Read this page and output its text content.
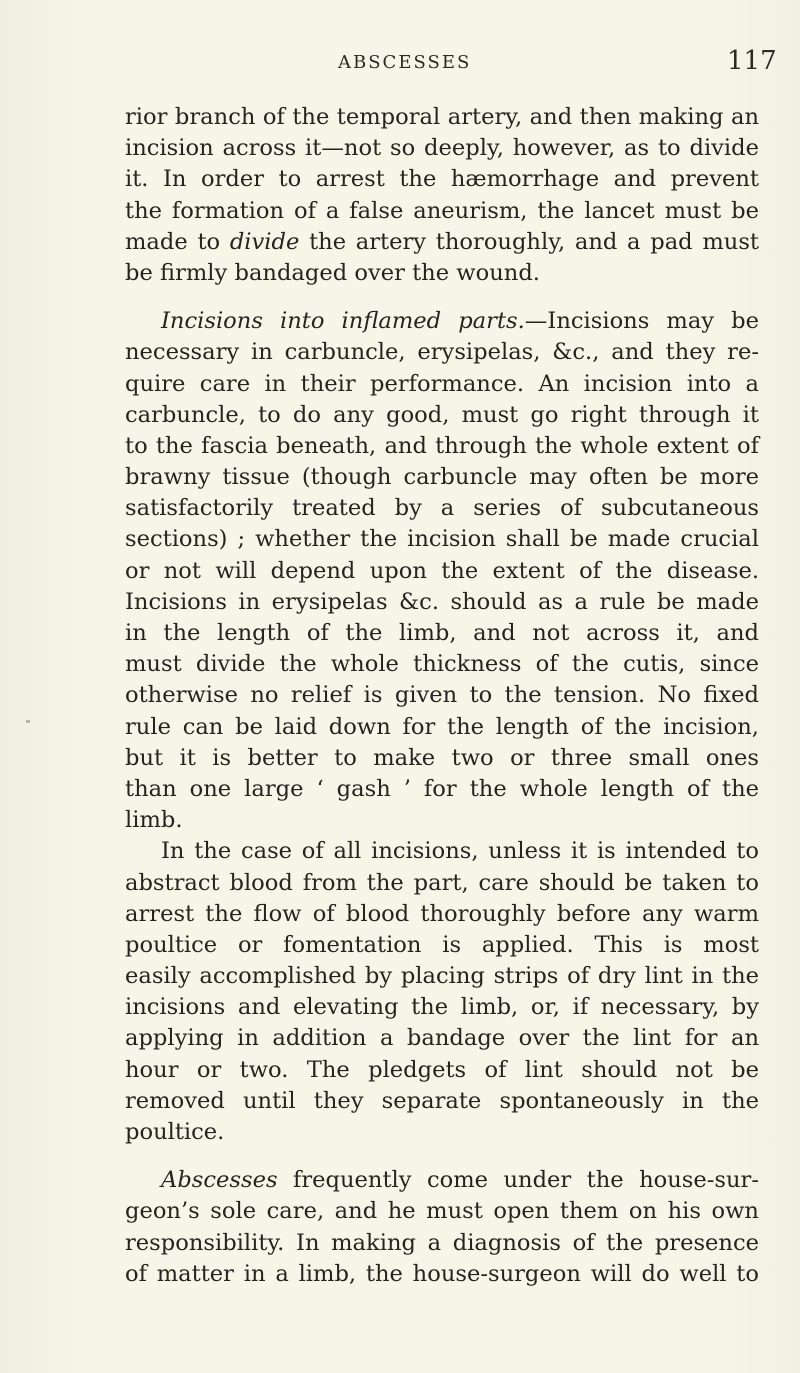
ABSCESSES	117
rior branch of the temporal artery, and then making an
incision across it—not so deeply, however, as to divide
it. In order to arrest the hæmorrhage and prevent
the formation of a false aneurism, the lancet must be
made to divide the artery thoroughly, and a pad must
be firmly bandaged over the wound.
Incisions into inflamed parts.—Incisions may be
necessary in carbuncle, erysipelas, &c., and they re-
quire care in their performance. An incision into a
carbuncle, to do any good, must go right through it
to the fascia beneath, and through the whole extent of
brawny tissue (though carbuncle may often be more
satisfactorily treated by a series of subcutaneous
sections) ; whether the incision shall be made crucial
or not will depend upon the extent of the disease.
Incisions in erysipelas &c. should as a rule be made
in the length of the limb, and not across it, and
must divide the whole thickness of the cutis, since
otherwise no relief is given to the tension. No fixed
rule can be laid down for the length of the incision,
but it is better to make two or three small ones
than one large ‘ gash ’ for the whole length of the
limb.
In the case of all incisions, unless it is intended to
abstract blood from the part, care should be taken to
arrest the flow of blood thoroughly before any warm
poultice or fomentation is applied. This is most
easily accomplished by placing strips of dry lint in the
incisions and elevating the limb, or, if necessary, by
applying in addition a bandage over the lint for an
hour or two. The pledgets of lint should not be
removed until they separate spontaneously in the
poultice.
Abscesses frequently come under the house-sur-
geon’s sole care, and he must open them on his own
responsibility. In making a diagnosis of the presence
of matter in a limb, the house-surgeon will do well to
